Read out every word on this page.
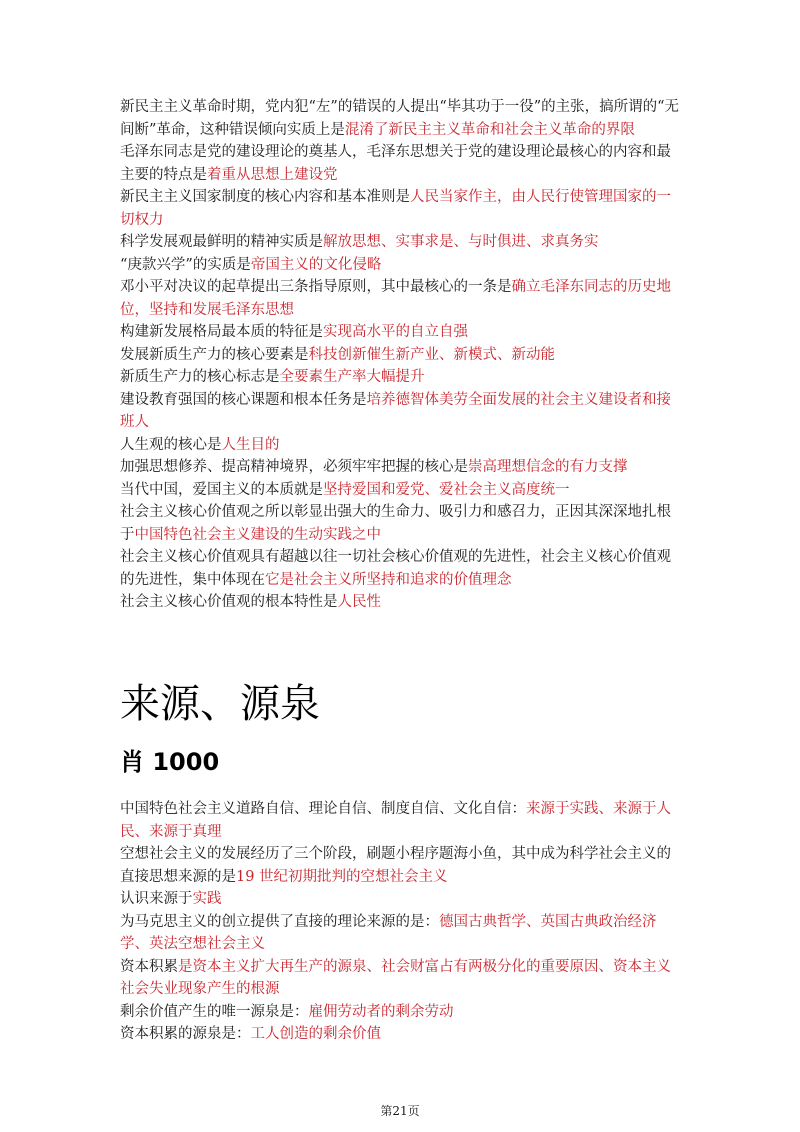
新民主主义革命时期，党内犯“左”的错误的人提出“毕其功于一役”的主张，搞所谓的“无间断”革命，这种错误倾向实质上是混淆了新民主主义革命和社会主义革命的界限

毛泽东同志是党的建设理论的奠基人，毛泽东思想关于党的建设理论最核心的内容和最主要的特点是着重从思想上建设党

新民主主义国家制度的核心内容和基本准则是人民当家作主，由人民行使管理国家的一切权力

科学发展观最鲜明的精神实质是解放思想、实事求是、与时俱进、求真务实

“庚款兴学”的实质是帝国主义的文化侵略

邓小平对决议的起草提出三条指导原则，其中最核心的一条是确立毛泽东同志的历史地位，坚持和发展毛泽东思想

构建新发展格局最本质的特征是实现高水平的自立自强

发展新质生产力的核心要素是科技创新催生新产业、新模式、新动能

新质生产力的核心标志是全要素生产率大幅提升

建设教育强国的核心课题和根本任务是培养德智体美劳全面发展的社会主义建设者和接班人

人生观的核心是人生目的

加强思想修养、提高精神境界，必须牢牢把握的核心是崇高理想信念的有力支撑

当代中国，爱国主义的本质就是坚持爱国和爱党、爱社会主义高度统一

社会主义核心价值观之所以彰显出强大的生命力、吸引力和感召力，正因其深深地扎根于中国特色社会主义建设的生动实践之中

社会主义核心价值观具有超越以往一切社会核心价值观的先进性，社会主义核心价值观的先进性，集中体现在它是社会主义所坚持和追求的价值理念

社会主义核心价值观的根本特性是人民性

来源、源泉
肖 1000

中国特色社会主义道路自信、理论自信、制度自信、文化自信：来源于实践、来源于人民、来源于真理

空想社会主义的发展经历了三个阶段，刷题小程序题海小鱼，其中成为科学社会主义的直接思想来源的是19 世纪初期批判的空想社会主义

认识来源于实践

为马克思主义的创立提供了直接的理论来源的是：德国古典哲学、英国古典政治经济学、英法空想社会主义

资本积累是资本主义扩大再生产的源泉、社会财富占有两极分化的重要原因、资本主义社会失业现象产生的根源

剩余价值产生的唯一源泉是：雇佣劳动者的剩余劳动

资本积累的源泉是：工人创造的剩余价值

第21页
